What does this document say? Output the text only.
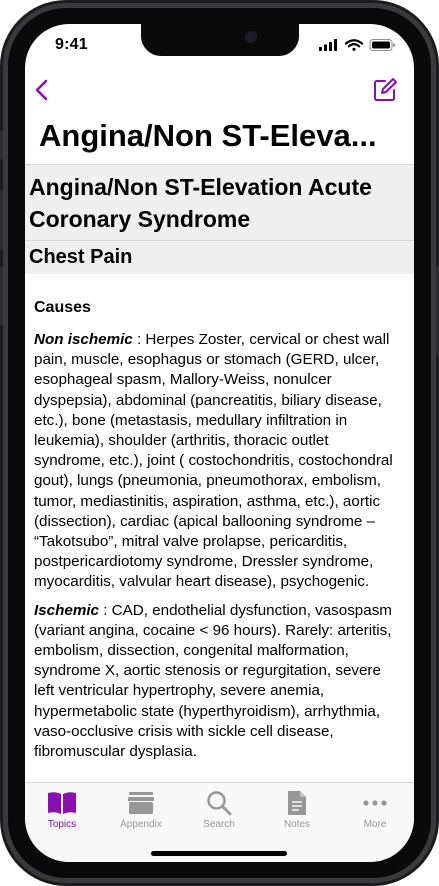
9:41
Angina/Non ST-Eleva...
Angina/Non ST-Elevation Acute Coronary Syndrome
Chest Pain
Causes

Non ischemic : Herpes Zoster, cervical or chest wall pain, muscle, esophagus or stomach (GERD, ulcer, esophageal spasm, Mallory-Weiss, nonulcer dyspepsia), abdominal (pancreatitis, biliary disease, etc.), bone (metastasis, medullary infiltration in leukemia), shoulder (arthritis, thoracic outlet syndrome, etc.), joint ( costochondritis, costochondral gout), lungs (pneumonia, pneumothorax, embolism, tumor, mediastinitis, aspiration, asthma, etc.), aortic (dissection), cardiac (apical ballooning syndrome – “Takotsubo”, mitral valve prolapse, pericarditis, postpericardiotomy syndrome, Dressler syndrome, myocarditis, valvular heart disease), psychogenic.

Ischemic : CAD, endothelial dysfunction, vasospasm (variant angina, cocaine < 96 hours). Rarely: arteritis, embolism, dissection, congenital malformation, syndrome X, aortic stenosis or regurgitation, severe left ventricular hypertrophy, severe anemia, hypermetabolic state (hyperthyroidism), arrhythmia, vaso-occlusive crisis with sickle cell disease, fibromuscular dysplasia.

Topics	Appendix	Search	Notes	More
